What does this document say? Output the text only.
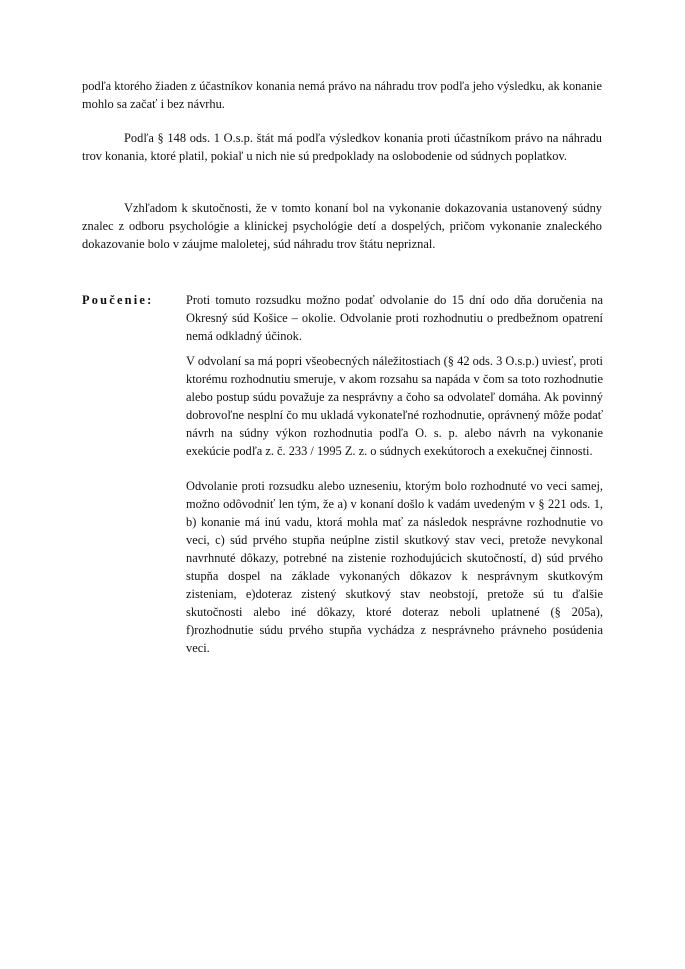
podľa ktorého žiaden z účastníkov konania nemá právo na náhradu trov podľa jeho výsledku, ak konanie mohlo sa začať i bez návrhu.

Podľa § 148 ods. 1 O.s.p. štát má podľa výsledkov konania proti účastníkom právo na náhradu trov konania, ktoré platil, pokiaľ u nich nie sú predpoklady na oslobodenie od súdnych poplatkov.

Vzhľadom k skutočnosti, že v tomto konaní bol na vykonanie dokazovania ustanovený súdny znalec z odboru psychológie a klinickej psychológie detí a dospelých, pričom vykonanie znaleckého dokazovanie bolo v záujme maloletej, súd náhradu trov štátu nepriznal.

Poučenie:	Proti tomuto rozsudku možno podať odvolanie do 15 dní odo dňa doručenia na Okresný súd Košice – okolie. Odvolanie proti rozhodnutiu o predbežnom opatrení nemá odkladný účinok.

V odvolaní sa má popri všeobecných náležitostiach (§ 42 ods. 3 O.s.p.) uviesť, proti ktorému rozhodnutiu smeruje, v akom rozsahu sa napáda v čom sa toto rozhodnutie alebo postup súdu považuje za nesprávny a čoho sa odvolateľ domáha. Ak povinný dobrovoľne nesplní čo mu ukladá vykonateľné rozhodnutie, oprávnený môže podať návrh na súdny výkon rozhodnutia podľa O. s. p. alebo návrh na vykonanie exekúcie podľa z. č. 233 / 1995 Z. z. o súdnych exekútoroch a exekučnej činnosti.

Odvolanie proti rozsudku alebo uzneseniu, ktorým bolo rozhodnuté vo veci samej, možno odôvodniť len tým, že a) v konaní došlo k vadám uvedeným v § 221 ods. 1, b) konanie má inú vadu, ktorá mohla mať za následok nesprávne rozhodnutie vo veci, c) súd prvého stupňa neúplne zistil skutkový stav veci, pretože nevykonal navrhnuté dôkazy, potrebné na zistenie rozhodujúcich skutočností, d) súd prvého stupňa dospel na základe vykonaných dôkazov k nesprávnym skutkovým zisteniam, e)doteraz zistený skutkový stav neobstojí, pretože sú tu ďalšie skutočnosti alebo iné dôkazy, ktoré doteraz neboli uplatnené (§ 205a), f)rozhodnutie súdu prvého stupňa vychádza z nesprávneho právneho posúdenia veci.
